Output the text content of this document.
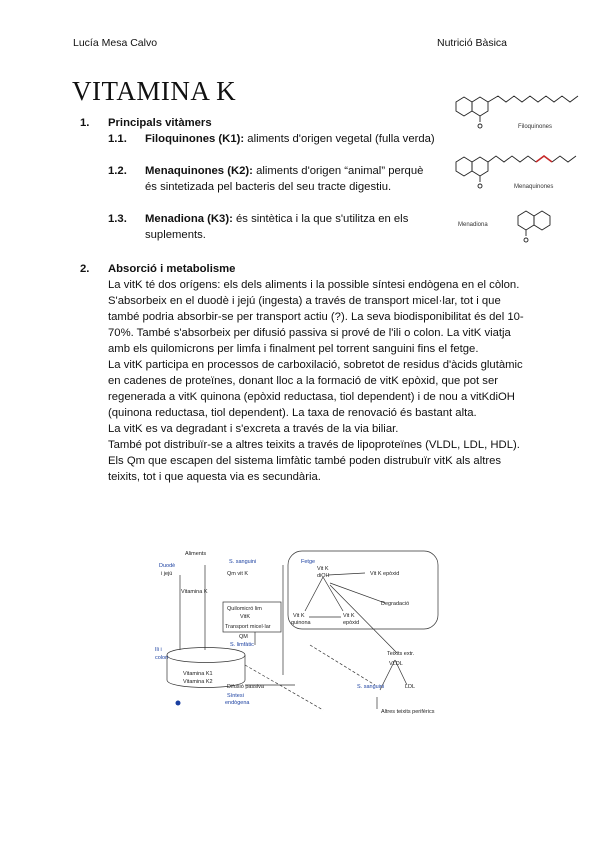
Lucía Mesa Calvo	Nutrició Bàsica
VITAMINA K
1. Principals vitàmers
1.1. Filoquinones (K1): aliments d'origen vegetal (fulla verda)
1.2. Menaquinones (K2): aliments d'origen “animal” perquè és sintetizada pel bacteris del seu tracte digestiu.
1.3. Menadiona (K3): és sintètica i la que s'utilitza en els suplements.
Filoquinones
Menaquinones
Menadiona
2. Absorció i metabolisme

La vitK té dos orígens: els dels aliments i la possible síntesi endògena en el còlon. S'absorbeix en el duodè i jejú (ingesta) a través de transport micel·lar, tot i que també podria absorbir-se per transport actiu (?). La seva biodisponibilitat és del 10-70%. També s'absorbeix per difusió passiva si prové de l'ili o colon. La vitK viatja amb els quilomicrons per limfa i finalment pel torrent sanguini fins el fetge.

La vitK participa en processos de carboxilació, sobretot de residus d'àcids glutàmic en cadenes de proteïnes, donant lloc a la formació de vitK epòxid, que pot ser regenerada a vitK quinona (epòxid reductasa, tiol dependent) i de nou a vitKdiOH (quinona reductasa, tiol dependent). La taxa de renovació és bastant alta.

La vitK es va degradant i s'excreta a través de la via biliar.

També pot distribuïr-se a altres teixits a través de lipoproteïnes (VLDL, LDL, HDL).

Els Qm que escapen del sistema limfàtic també poden distrubuïr vitK als altres teixits, tot i que aquesta via es secundària.

Aliments
S. sanguini
Duodè
i jejú	Qm vit K
Vitamina K
Quilomicró lim
VitK
Transport micel·lar
QM
S. limfàtic
Ili i
colon
Vitamina K1
Vitamina K2
Difusió passiva
Síntesi
endògena
Fetge
Vit K
diOH	Vit K epòxid
Vit K
quinona
Vit K
epòxid
Degradació
Teixits extr.
VLDL
S. sanguini	LDL
Altres teixits perifèrics
